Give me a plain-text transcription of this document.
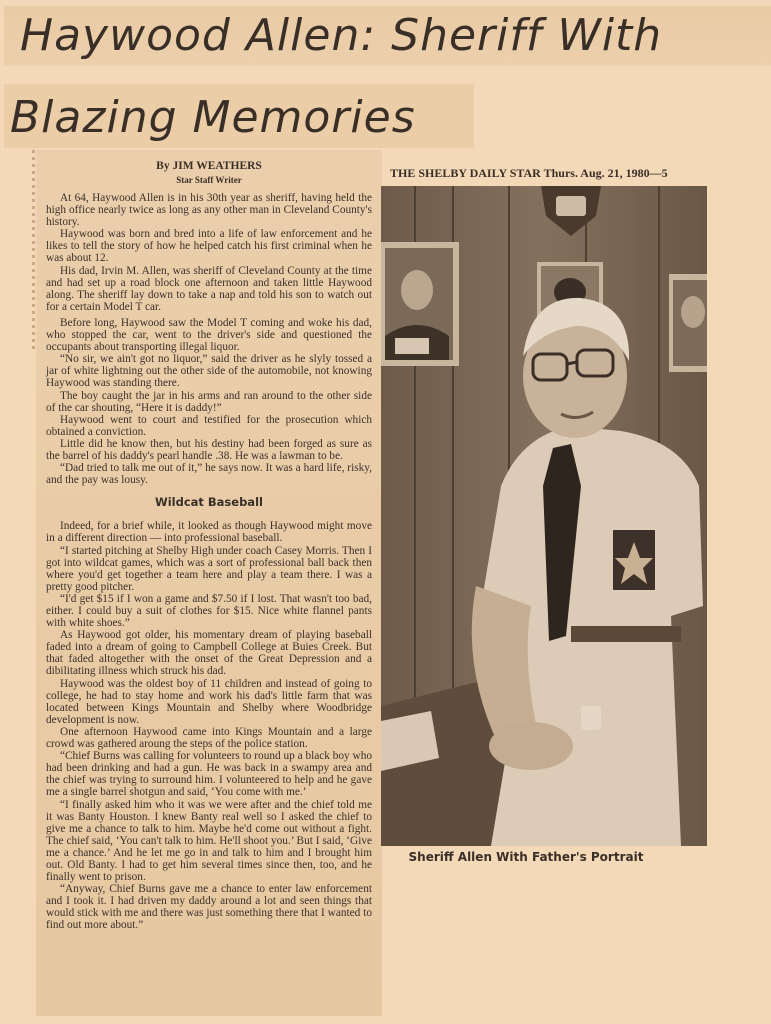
Haywood Allen: Sheriff With
Blazing Memories
By JIM WEATHERS
Star Staff Writer

At 64, Haywood Allen is in his 30th year as sheriff, having held the high office nearly twice as long as any other man in Cleveland County's history.

Haywood was born and bred into a life of law enforcement and he likes to tell the story of how he helped catch his first criminal when he was about 12.

His dad, Irvin M. Allen, was sheriff of Cleveland County at the time and had set up a road block one afternoon and taken little Haywood along. The sheriff lay down to take a nap and told his son to watch out for a certain Model T car.

Before long, Haywood saw the Model T coming and woke his dad, who stopped the car, went to the driver's side and questioned the occupants about transporting illegal liquor.

“No sir, we ain't got no liquor,” said the driver as he slyly tossed a jar of white lightning out the other side of the automobile, not knowing Haywood was standing there.

The boy caught the jar in his arms and ran around to the other side of the car shouting, “Here it is daddy!”

Haywood went to court and testified for the prosecution which obtained a conviction.

Little did he know then, but his destiny had been forged as sure as the barrel of his daddy's pearl handle .38. He was a lawman to be.

“Dad tried to talk me out of it,” he says now. It was a hard life, risky, and the pay was lousy.

Wildcat Baseball

Indeed, for a brief while, it looked as though Haywood might move in a different direction — into professional baseball.

“I started pitching at Shelby High under coach Casey Morris. Then I got into wildcat games, which was a sort of professional ball back then where you'd get together a team here and play a team there. I was a pretty good pitcher.

“I'd get $15 if I won a game and $7.50 if I lost. That wasn't too bad, either. I could buy a suit of clothes for $15. Nice white flannel pants with white shoes.”

As Haywood got older, his momentary dream of playing baseball faded into a dream of going to Campbell College at Buies Creek. But that faded altogether with the onset of the Great Depression and a dibilitating illness which struck his dad.

Haywood was the oldest boy of 11 children and instead of going to college, he had to stay home and work his dad's little farm that was located between Kings Mountain and Shelby where Woodbridge development is now.

One afternoon Haywood came into Kings Mountain and a large crowd was gathered aroung the steps of the police station.

“Chief Burns was calling for volunteers to round up a black boy who had been drinking and had a gun. He was back in a swampy area and the chief was trying to surround him. I volunteered to help and he gave me a single barrel shotgun and said, ‘You come with me.’

“I finally asked him who it was we were after and the chief told me it was Banty Houston. I knew Banty real well so I asked the chief to give me a chance to talk to him. Maybe he'd come out without a fight. The chief said, ‘You can't talk to him. He'll shoot you.’ But I said, ‘Give me a chance.’ And he let me go in and talk to him and I brought him out. Old Banty. I had to get him several times since then, too, and he finally went to prison.

“Anyway, Chief Burns gave me a chance to enter law enforcement and I took it. I had driven my daddy around a lot and seen things that would stick with me and there was just something there that I wanted to find out more about.”

THE SHELBY DAILY STAR Thurs. Aug. 21, 1980—5
Sheriff Allen With Father's Portrait
